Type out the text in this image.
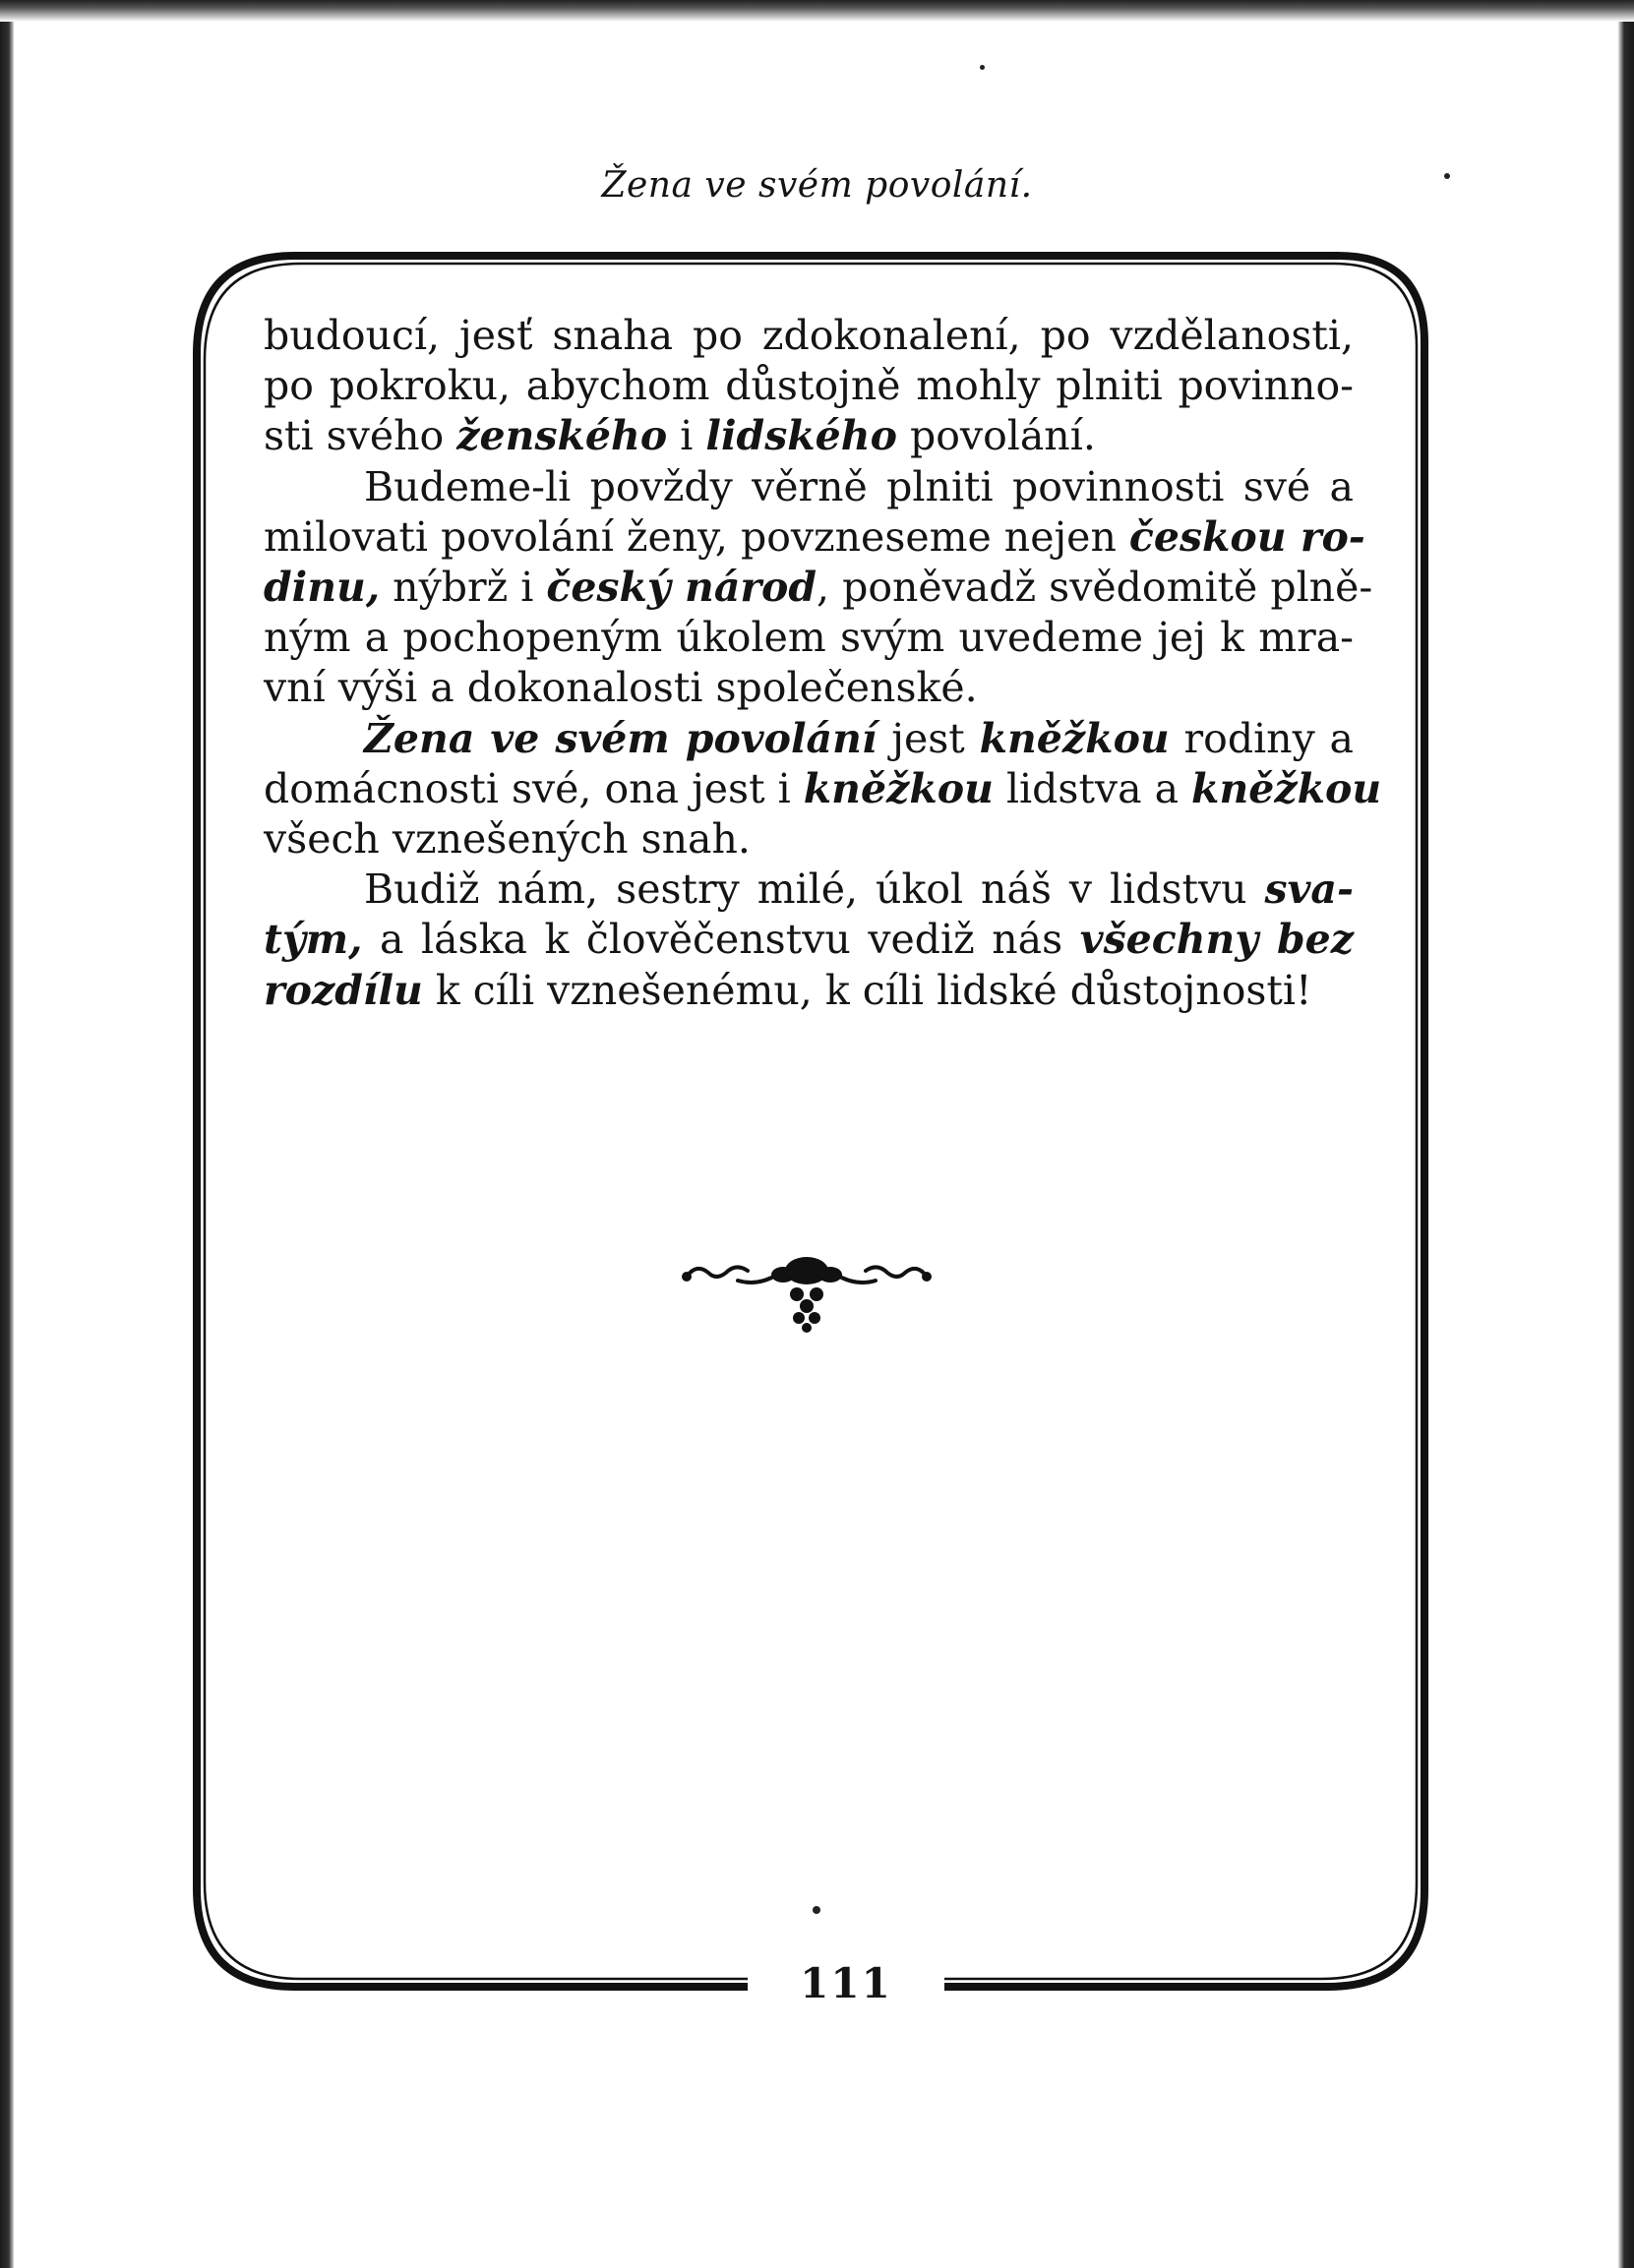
Žena ve svém povolání.
budoucí, jesť snaha po zdokonalení, po vzdělanosti,
po pokroku, abychom důstojně mohly plniti povinno-
sti svého ženského i lidského povolání.
Budeme-li povždy věrně plniti povinnosti své a
milovati povolání ženy, povzneseme nejen českou ro-
dinu, nýbrž i český národ, poněvadž svědomitě plně-
ným a pochopeným úkolem svým uvedeme jej k mra-
vní výši a dokonalosti společenské.
Žena ve svém povolání jest kněžkou rodiny a
domácnosti své, ona jest i kněžkou lidstva a kněžkou
všech vznešených snah.
Budiž nám, sestry milé, úkol náš v lidstvu sva-
tým, a láska k člověčenstvu vediž nás všechny bez
rozdílu k cíli vznešenému, k cíli lidské důstojnosti!
111
